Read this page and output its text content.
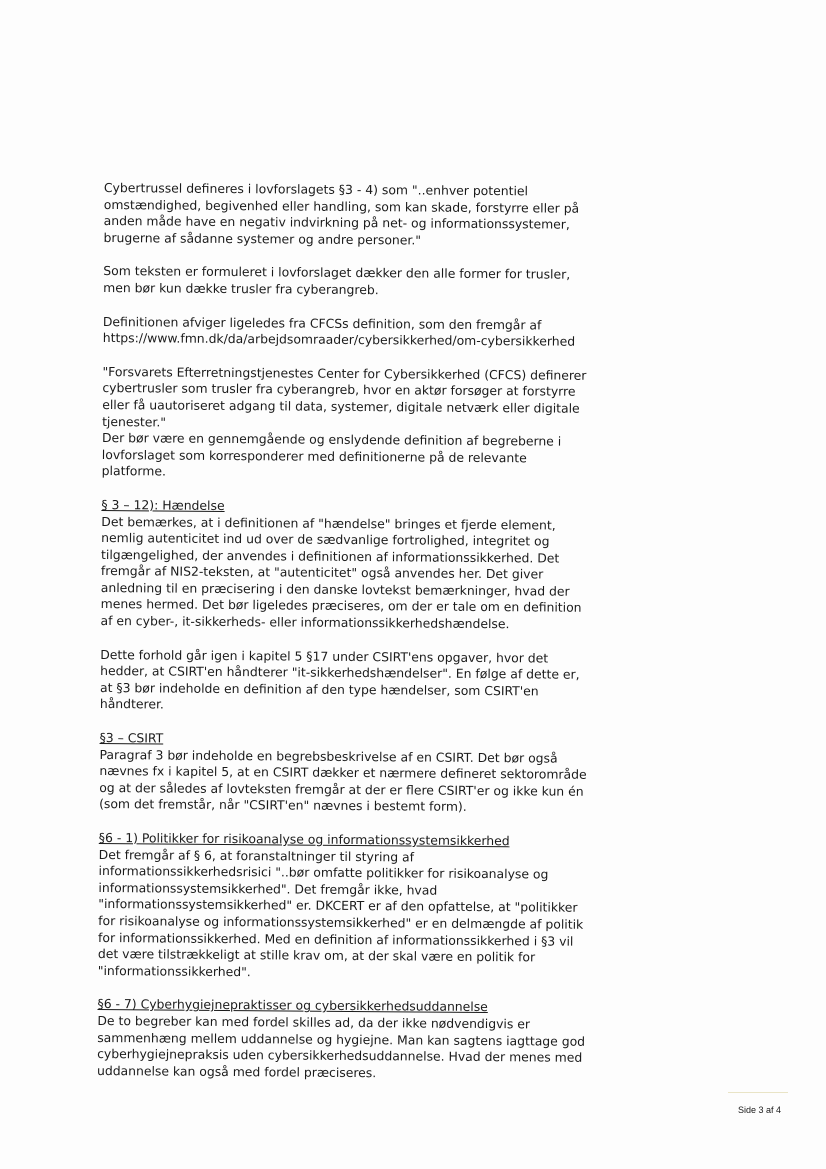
Cybertrussel defineres i lovforslagets §3 - 4) som "..enhver potentiel omstændighed, begivenhed eller handling, som kan skade, forstyrre eller på anden måde have en negativ indvirkning på net- og informationssystemer, brugerne af sådanne systemer og andre personer."

Som teksten er formuleret i lovforslaget dækker den alle former for trusler, men bør kun dække trusler fra cyberangreb.

Definitionen afviger ligeledes fra CFCSs definition, som den fremgår af https://www.fmn.dk/da/arbejdsomraader/cybersikkerhed/om-cybersikkerhed

"Forsvarets Efterretningstjenestes Center for Cybersikkerhed (CFCS) definerer cybertrusler som trusler fra cyberangreb, hvor en aktør forsøger at forstyrre eller få uautoriseret adgang til data, systemer, digitale netværk eller digitale tjenester."

Der bør være en gennemgående og enslydende definition af begreberne i lovforslaget som korresponderer med definitionerne på de relevante platforme.

§ 3 – 12): Hændelse

Det bemærkes, at i definitionen af "hændelse" bringes et fjerde element, nemlig autenticitet ind ud over de sædvanlige fortrolighed, integritet og tilgængelighed, der anvendes i definitionen af informationssikkerhed. Det fremgår af NIS2-teksten, at "autenticitet" også anvendes her. Det giver anledning til en præcisering i den danske lovtekst bemærkninger, hvad der menes hermed. Det bør ligeledes præciseres, om der er tale om en definition af en cyber-, it-sikkerheds- eller informationssikkerhedshændelse.

Dette forhold går igen i kapitel 5 §17 under CSIRT'ens opgaver, hvor det hedder, at CSIRT'en håndterer "it-sikkerhedshændelser". En følge af dette er, at §3 bør indeholde en definition af den type hændelser, som CSIRT'en håndterer.

§3 – CSIRT

Paragraf 3 bør indeholde en begrebsbeskrivelse af en CSIRT. Det bør også nævnes fx i kapitel 5, at en CSIRT dækker et nærmere defineret sektorområde og at der således af lovteksten fremgår at der er flere CSIRT'er og ikke kun én (som det fremstår, når "CSIRT'en" nævnes i bestemt form).

§6 - 1) Politikker for risikoanalyse og informationssystemsikkerhed

Det fremgår af § 6, at foranstaltninger til styring af informationssikkerhedsrisici "..bør omfatte politikker for risikoanalyse og informationssystemsikkerhed". Det fremgår ikke, hvad "informationssystemsikkerhed" er. DKCERT er af den opfattelse, at "politikker for risikoanalyse og informationssystemsikkerhed" er en delmængde af politik for informationssikkerhed. Med en definition af informationssikkerhed i §3 vil det være tilstrækkeligt at stille krav om, at der skal være en politik for "informationssikkerhed".

§6 - 7) Cyberhygiejnepraktisser og cybersikkerhedsuddannelse

De to begreber kan med fordel skilles ad, da der ikke nødvendigvis er sammenhæng mellem uddannelse og hygiejne. Man kan sagtens iagttage god cyberhygiejnepraksis uden cybersikkerhedsuddannelse. Hvad der menes med uddannelse kan også med fordel præciseres.

Side 3 af 4
